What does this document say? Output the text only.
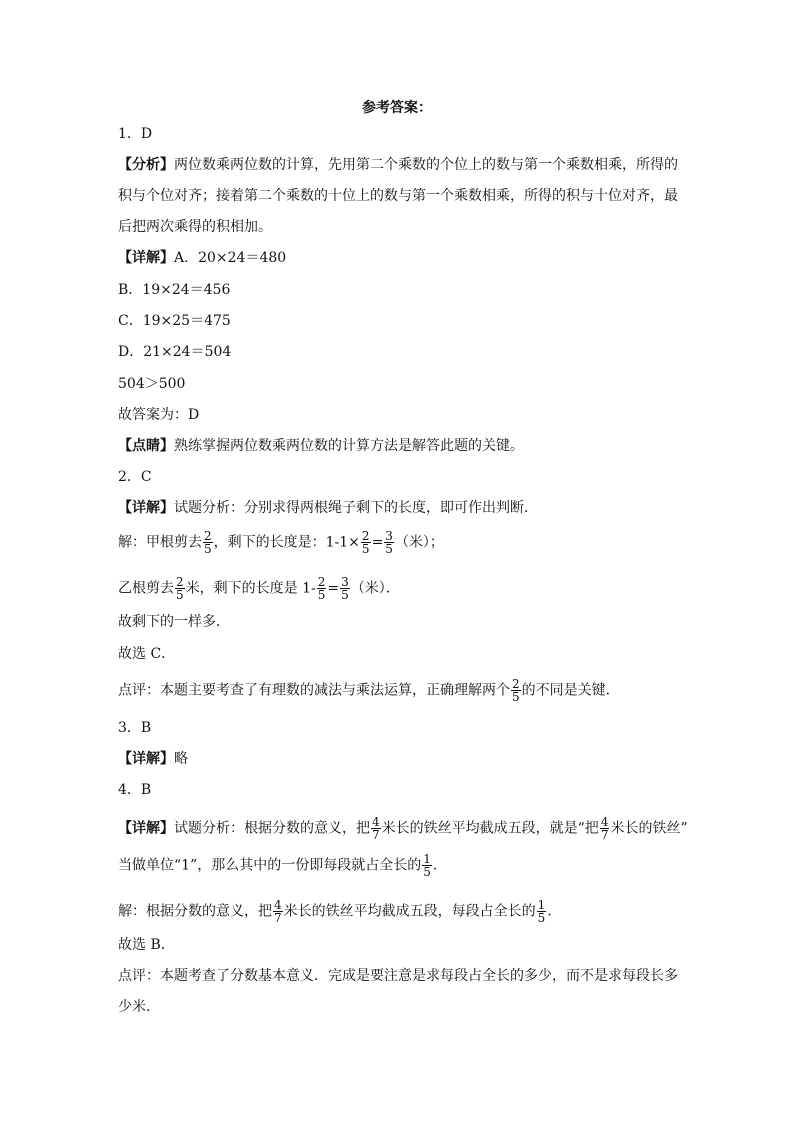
参考答案：
1．D
【分析】两位数乘两位数的计算，先用第二个乘数的个位上的数与第一个乘数相乘，所得的
积与个位对齐；接着第二个乘数的十位上的数与第一个乘数相乘，所得的积与十位对齐，最
后把两次乘得的积相加。
【详解】A．20×24＝480
B．19×24＝456
C．19×25＝475
D．21×24＝504
504＞500
故答案为：D
【点睛】熟练掌握两位数乘两位数的计算方法是解答此题的关键。
2．C
【详解】试题分析：分别求得两根绳子剩下的长度，即可作出判断．
解：甲根剪去 $\frac{2}{5}$ ，剩下的长度是：$1-1\times \frac{2}{5} = \frac{3}{5}$ （米）；
乙根剪去 $\frac{2}{5}$ 米，剩下的长度是 $1- \frac{2}{5} = \frac{3}{5}$ （米）．
故剩下的一样多．
故选 C．
点评：本题主要考查了有理数的减法与乘法运算，正确理解两个 $\frac{2}{5}$ 的不同是关键．
3．B
【详解】略
4．B
【详解】试题分析：根据分数的意义，把 $\frac{4}{7}$ 米长的铁丝平均截成五段，就是“把 $\frac{4}{7}$ 米长的铁丝”
当做单位“1”，那么其中的一份即每段就占全长的 $\frac{1}{5}$ .
解：根据分数的意义，把 $\frac{4}{7}$ 米长的铁丝平均截成五段，每段占全长的 $\frac{1}{5}$ .
故选 B．
点评：本题考查了分数基本意义．完成是要注意是求每段占全长的多少，而不是求每段长多
少米．
